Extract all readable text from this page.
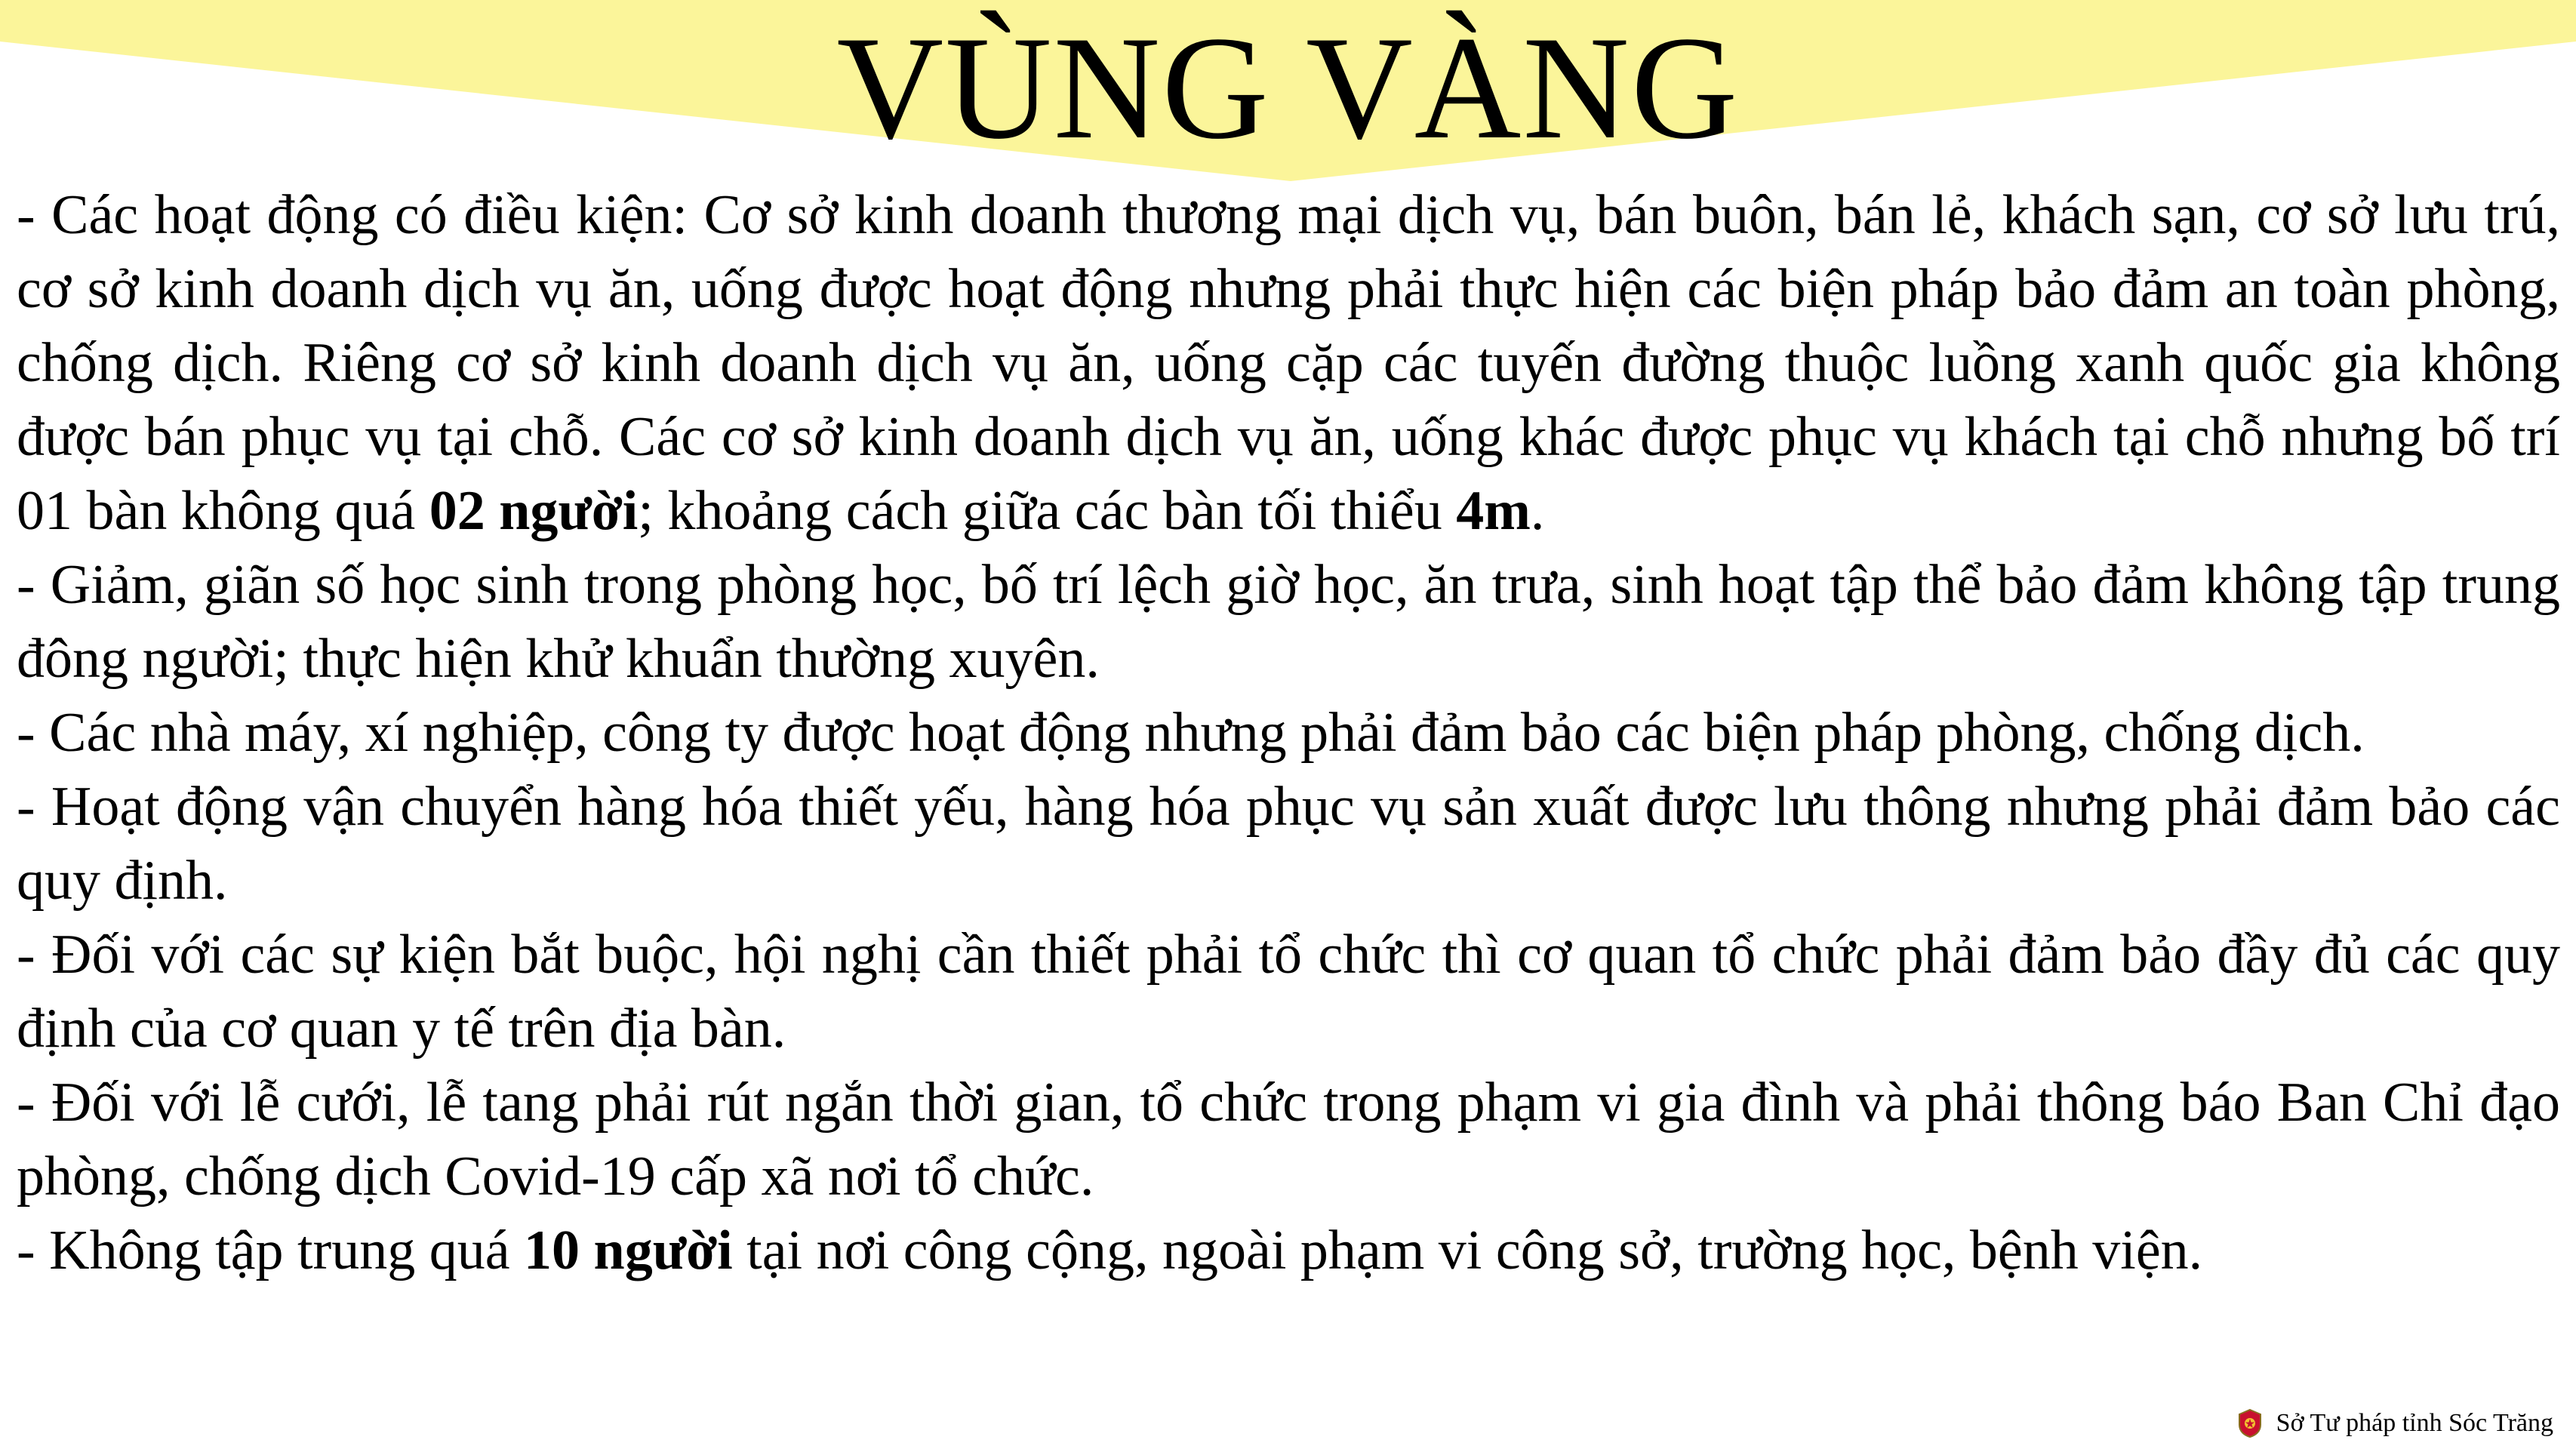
VÙNG VÀNG

- Các hoạt động có điều kiện: Cơ sở kinh doanh thương mại dịch vụ, bán buôn, bán lẻ, khách sạn, cơ sở lưu trú, cơ sở kinh doanh dịch vụ ăn, uống được hoạt động nhưng phải thực hiện các biện pháp bảo đảm an toàn phòng, chống dịch. Riêng cơ sở kinh doanh dịch vụ ăn, uống cặp các tuyến đường thuộc luồng xanh quốc gia không được bán phục vụ tại chỗ. Các cơ sở kinh doanh dịch vụ ăn, uống khác được phục vụ khách tại chỗ nhưng bố trí 01 bàn không quá 02 người; khoảng cách giữa các bàn tối thiểu 4m.

- Giảm, giãn số học sinh trong phòng học, bố trí lệch giờ học, ăn trưa, sinh hoạt tập thể bảo đảm không tập trung đông người; thực hiện khử khuẩn thường xuyên.

- Các nhà máy, xí nghiệp, công ty được hoạt động nhưng phải đảm bảo các biện pháp phòng, chống dịch.

- Hoạt động vận chuyển hàng hóa thiết yếu, hàng hóa phục vụ sản xuất được lưu thông nhưng phải đảm bảo các quy định.

- Đối với các sự kiện bắt buộc, hội nghị cần thiết phải tổ chức thì cơ quan tổ chức phải đảm bảo đầy đủ các quy định của cơ quan y tế trên địa bàn.

- Đối với lễ cưới, lễ tang phải rút ngắn thời gian, tổ chức trong phạm vi gia đình và phải thông báo Ban Chỉ đạo phòng, chống dịch Covid-19 cấp xã nơi tổ chức.

- Không tập trung quá 10 người tại nơi công cộng, ngoài phạm vi công sở, trường học, bệnh viện.

Sở Tư pháp tỉnh Sóc Trăng
